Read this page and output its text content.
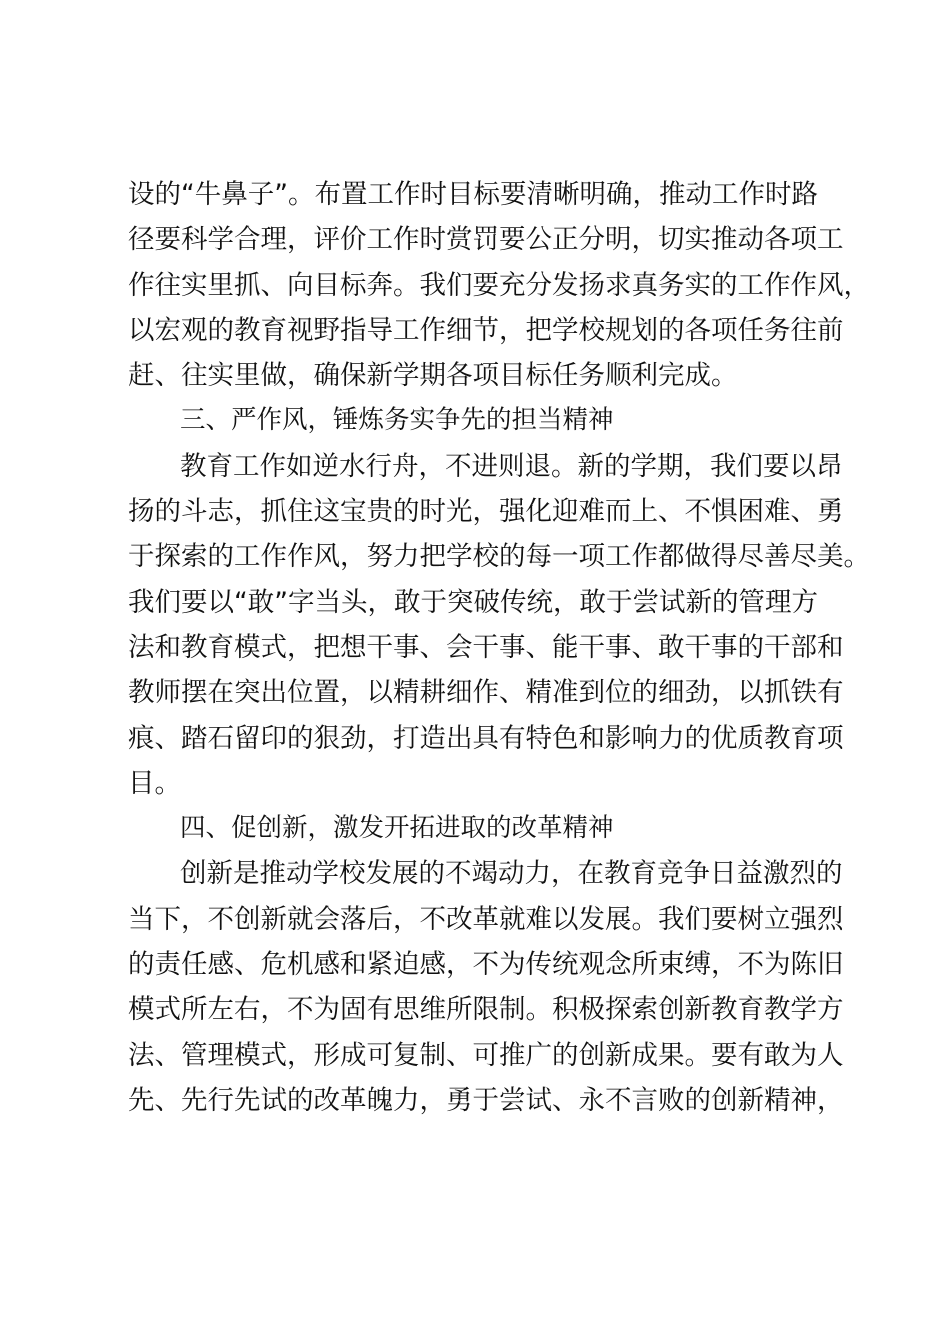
设的“牛鼻子”。布置工作时目标要清晰明确，推动工作时路
径要科学合理，评价工作时赏罚要公正分明，切实推动各项工
作往实里抓、向目标奔。我们要充分发扬求真务实的工作作风，
以宏观的教育视野指导工作细节，把学校规划的各项任务往前
赶、往实里做，确保新学期各项目标任务顺利完成。
三、严作风，锤炼务实争先的担当精神
教育工作如逆水行舟，不进则退。新的学期，我们要以昂
扬的斗志，抓住这宝贵的时光，强化迎难而上、不惧困难、勇
于探索的工作作风，努力把学校的每一项工作都做得尽善尽美。
我们要以“敢”字当头，敢于突破传统，敢于尝试新的管理方
法和教育模式，把想干事、会干事、能干事、敢干事的干部和
教师摆在突出位置，以精耕细作、精准到位的细劲，以抓铁有
痕、踏石留印的狠劲，打造出具有特色和影响力的优质教育项
目。
四、促创新，激发开拓进取的改革精神
创新是推动学校发展的不竭动力，在教育竞争日益激烈的
当下，不创新就会落后，不改革就难以发展。我们要树立强烈
的责任感、危机感和紧迫感，不为传统观念所束缚，不为陈旧
模式所左右，不为固有思维所限制。积极探索创新教育教学方
法、管理模式，形成可复制、可推广的创新成果。要有敢为人
先、先行先试的改革魄力，勇于尝试、永不言败的创新精神，
